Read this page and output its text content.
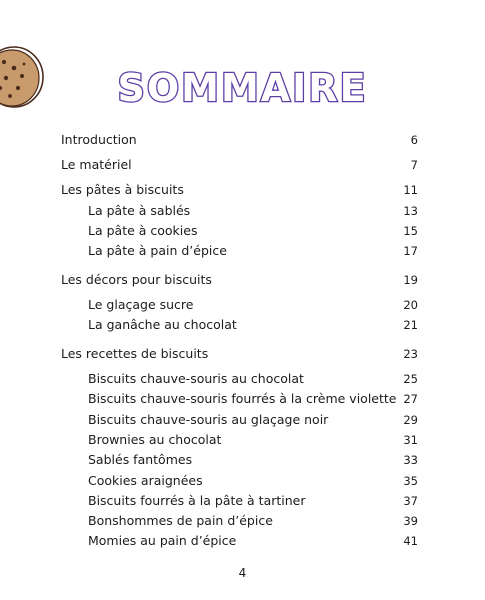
SOMMAIRE
Introduction	6
Le matériel	7
Les pâtes à biscuits	11
La pâte à sablés	13
La pâte à cookies	15
La pâte à pain d’épice	17
Les décors pour biscuits	19
Le glaçage sucre	20
La ganâche au chocolat	21
Les recettes de biscuits	23
Biscuits chauve-souris au chocolat	25
Biscuits chauve-souris fourrés à la crème violette 27
Biscuits chauve-souris au glaçage noir	29
Brownies au chocolat	31
Sablés fantômes	33
Cookies araignées	35
Biscuits fourrés à la pâte à tartiner	37
Bonshommes de pain d’épice	39
Momies au pain d’épice	41
4
